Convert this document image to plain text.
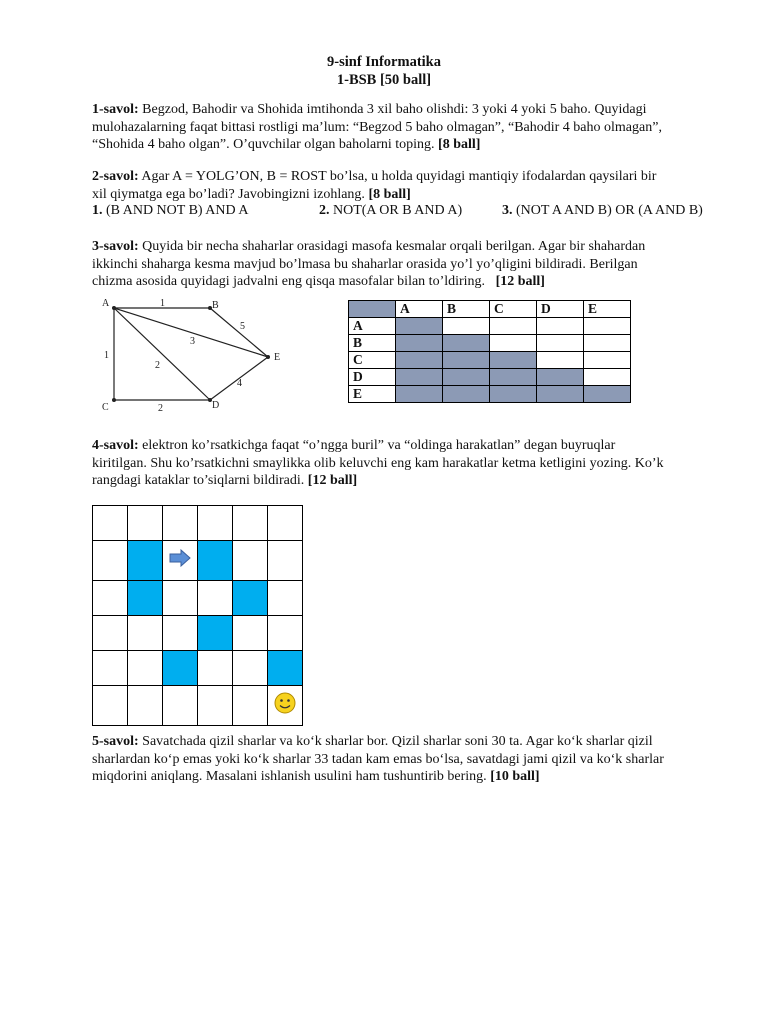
9-sinf Informatika
1-BSB [50 ball]
1-savol: Begzod, Bahodir va Shohida imtihonda 3 xil baho olishdi: 3 yoki 4 yoki 5 baho. Quyidagi
mulohazalarning faqat bittasi rostligi ma’lum: “Begzod 5 baho olmagan”, “Bahodir 4 baho olmagan”,
“Shohida 4 baho olgan”. O’quvchilar olgan baholarni toping. [8 ball]
2-savol: Agar A = YOLG’ON, B = ROST bo’lsa, u holda quyidagi mantiqiy ifodalardan qaysilari bir
xil qiymatga ega bo’ladi? Javobingizni izohlang. [8 ball]
1. (B AND NOT B) AND A	2. NOT(A OR B AND A)	3. (NOT A AND B) OR (A AND B)
3-savol: Quyida bir necha shaharlar orasidagi masofa kesmalar orqali berilgan. Agar bir shahardan
ikkinchi shaharga kesma mavjud bo’lmasa bu shaharlar orasida yo’l yo’qligini bildiradi. Berilgan
chizma asosida quyidagi jadvalni eng qisqa masofalar bilan to’ldiring. [12 ball]
A	B
C	D
E
1
1
2
3
5
2
4
	A	B	C	D	E
A					
B					
C					
D					
E					
4-savol: elektron ko’rsatkichga faqat “o’ngga buril” va “oldinga harakatlan” degan buyruqlar
kiritilgan. Shu ko’rsatkichni smaylikka olib keluvchi eng kam harakatlar ketma ketligini yozing. Ko’k
rangdagi kataklar to’siqlarni bildiradi. [12 ball]

5-savol: Savatchada qizil sharlar va ko‘k sharlar bor. Qizil sharlar soni 30 ta. Agar ko‘k sharlar qizil
sharlardan ko‘p emas yoki ko‘k sharlar 33 tadan kam emas bo‘lsa, savatdagi jami qizil va ko‘k sharlar
miqdorini aniqlang. Masalani ishlanish usulini ham tushuntirib bering. [10 ball]
